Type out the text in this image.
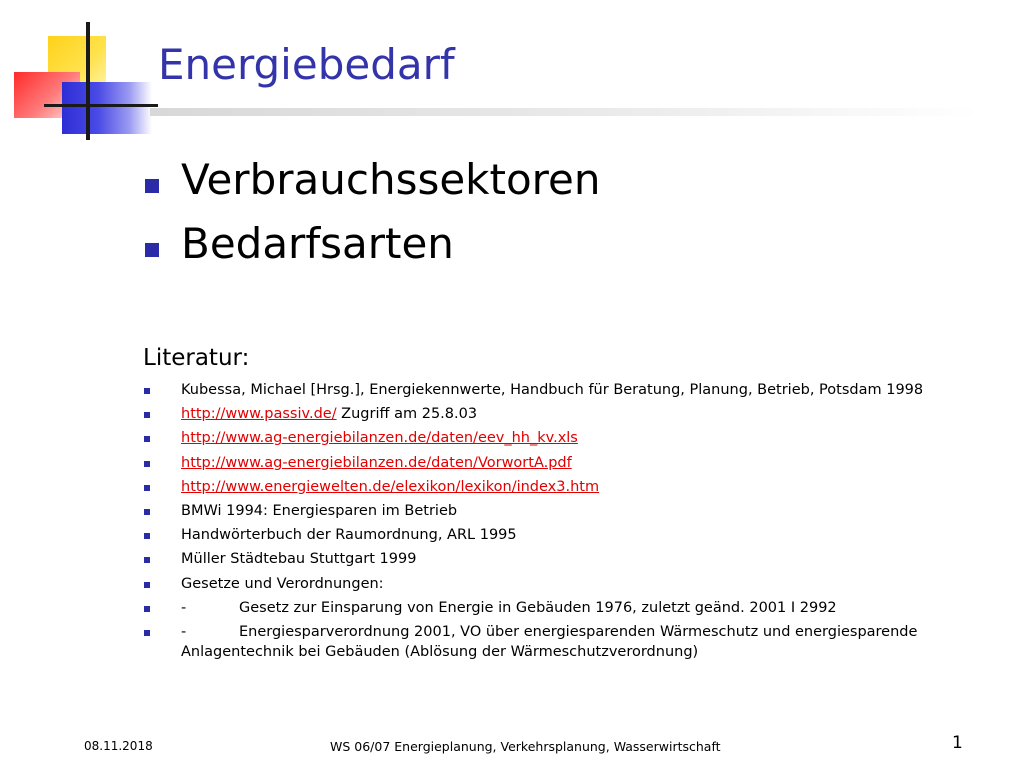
Energiebedarf
Verbrauchssektoren
Bedarfsarten
Literatur:
Kubessa, Michael [Hrsg.], Energiekennwerte, Handbuch für Beratung, Planung, Betrieb, Potsdam 1998
http://www.passiv.de/ Zugriff am 25.8.03
http://www.ag-energiebilanzen.de/daten/eev_hh_kv.xls
http://www.ag-energiebilanzen.de/daten/VorwortA.pdf
http://www.energiewelten.de/elexikon/lexikon/index3.htm
BMWi 1994: Energiesparen im Betrieb
Handwörterbuch der Raumordnung, ARL 1995
Müller Städtebau Stuttgart 1999
Gesetze und Verordnungen:
-	Gesetz zur Einsparung von Energie in Gebäuden 1976, zuletzt geänd. 2001 I 2992
-	Energiesparverordnung 2001, VO über energiesparenden Wärmeschutz und energiesparende Anlagentechnik bei Gebäuden (Ablösung der Wärmeschutzverordnung)
08.11.2018	WS 06/07 Energieplanung, Verkehrsplanung, Wasserwirtschaft	1
